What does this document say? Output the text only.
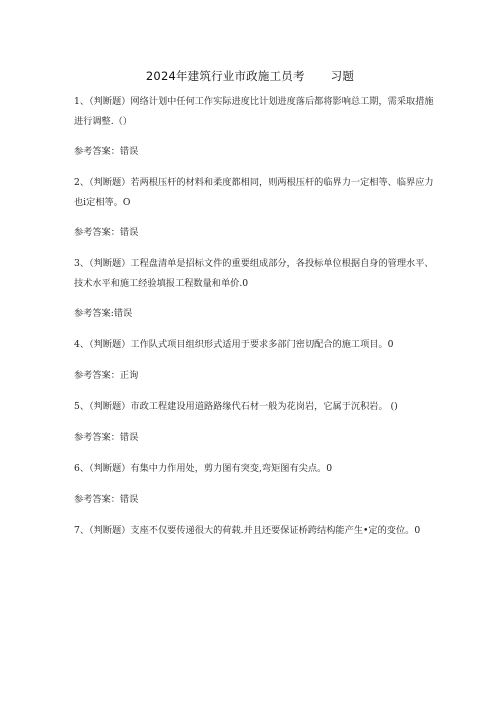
2024年建筑行业市政施工员考 习题

1、（判断题）网络计划中任何工作实际进度比计划进度落后都将影响总工期，需采取措施进行调整.（）

参考答案：错误

2、（判断题）若两根压杆的材料和柔度都相同，则两根压杆的临界力一定相等、临界应力也i定相等。O

参考答案：错误

3、（判断题）工程盘清单是招标文件的重要组成部分，各投标单位根据自身的管理水平、技术水平和施工经验填报工程数量和单价.0

参考答案:错误

4、（判断题）工作队式项目组织形式适用于要求多部门密切配合的施工项目。0

参考答案：正询

5、（判断题）市政工程建设用道路路缘代石材一般为花岗岩，它属于沉积岩。 ()

参考答案：错误

6、（判断题）有集中力作用处，剪力图有突变,弯矩图有尖点。0

参考答案：错误

7、（判断题）支座不仅要传递很大的荷载.并且还要保证桥跨结构能产生•定的变位。0
